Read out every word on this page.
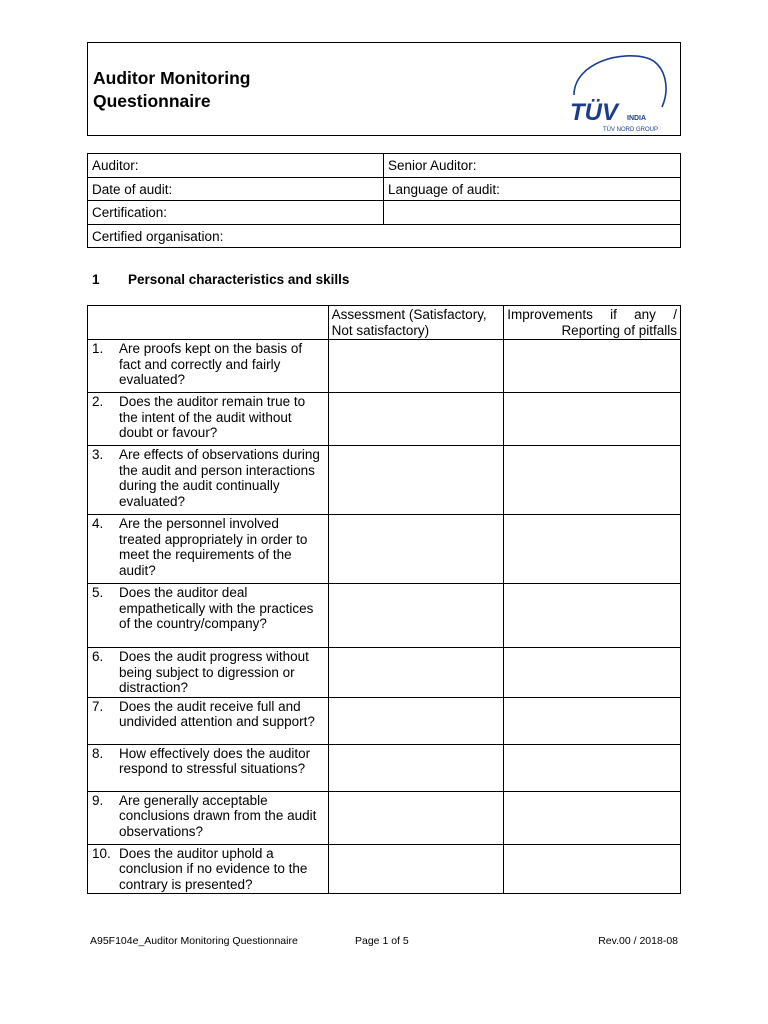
Auditor Monitoring
Questionnaire	TÜV INDIA
TÜV NORD GROUP
Auditor:	Senior Auditor:
Date of audit:	Language of audit:
Certification:	
Certified organisation:	
1 Personal characteristics and skills
	Assessment (Satisfactory, Not satisfactory)	Improvements if any / Reporting of pitfalls

1. Are proofs kept on the basis of fact and correctly and fairly evaluated?		

2. Does the auditor remain true to the intent of the audit without doubt or favour?		

3. Are effects of observations during the audit and person interactions during the audit continually evaluated?		

4. Are the personnel involved treated appropriately in order to meet the requirements of the audit?		

5. Does the auditor deal empathetically with the practices of the country/company?		

6. Does the audit progress without being subject to digression or distraction?		

7. Does the audit receive full and undivided attention and support?		

8. How effectively does the auditor respond to stressful situations?		

9. Are generally acceptable conclusions drawn from the audit observations?		

10. Does the auditor uphold a conclusion if no evidence to the contrary is presented?		

A95F104e_Auditor Monitoring Questionnaire	Page 1 of 5	Rev.00 / 2018-08
